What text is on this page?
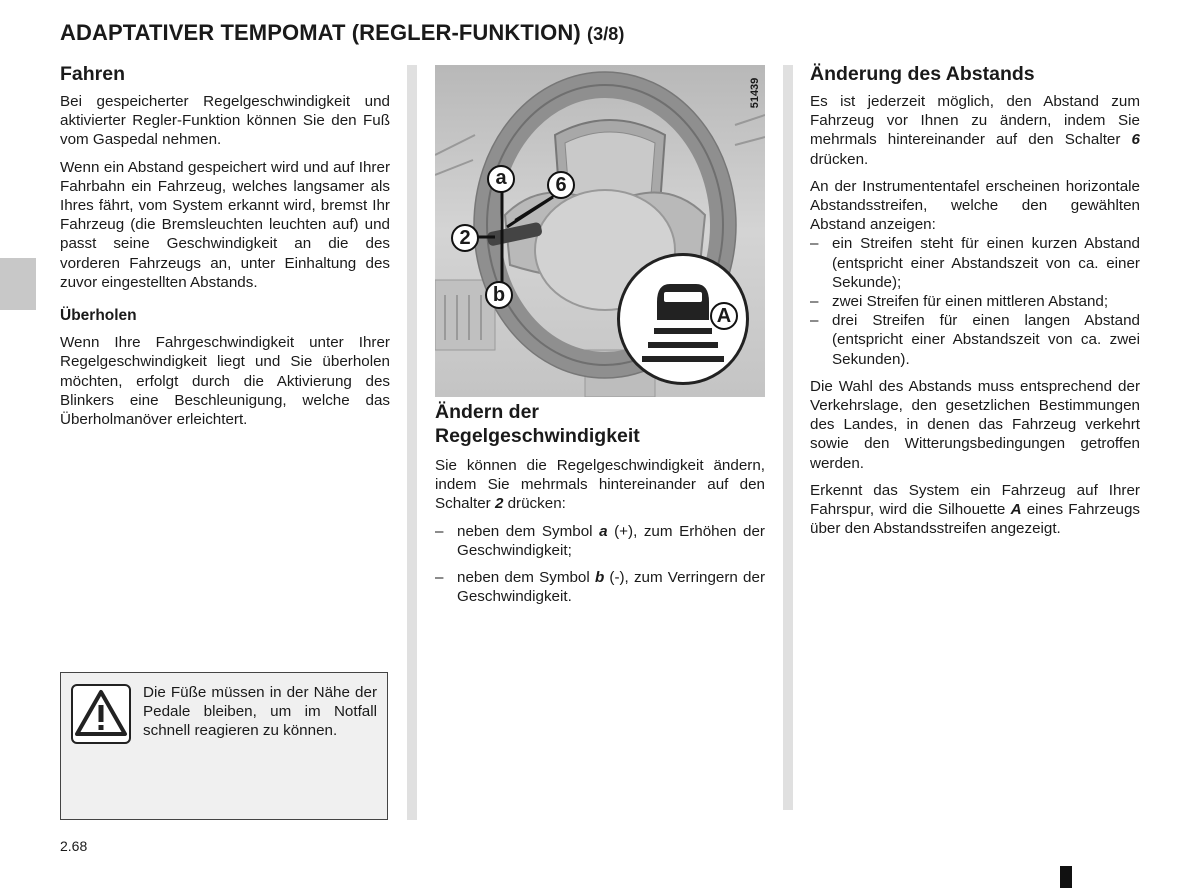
ADAPTATIVER TEMPOMAT (REGLER-FUNKTION) (3/8)
Fahren

Bei gespeicherter Regelgeschwindigkeit und aktivierter Regler-Funktion können Sie den Fuß vom Gaspedal nehmen.

Wenn ein Abstand gespeichert wird und auf Ihrer Fahrbahn ein Fahrzeug, welches langsamer als Ihres fährt, vom System erkannt wird, bremst Ihr Fahrzeug (die Bremsleuchten leuchten auf) und passt seine Geschwindigkeit an die des vorderen Fahrzeugs an, unter Einhaltung des zuvor eingestellten Abstands.

Überholen

Wenn Ihre Fahrgeschwindigkeit unter Ihrer Regelgeschwindigkeit liegt und Sie überholen möchten, erfolgt durch die Aktivierung des Blinkers eine Beschleunigung, welche das Überholmanöver erleichtert.

Die Füße müssen in der Nähe der Pedale bleiben, um im Notfall schnell reagieren zu können.
a	6
2
b
51439
A
Ändern der
Regelgeschwindigkeit

Sie können die Regelgeschwindigkeit ändern, indem Sie mehrmals hintereinander auf den Schalter 2 drücken:

– neben dem Symbol a (+), zum Erhöhen der Geschwindigkeit;
– neben dem Symbol b (-), zum Verringern der Geschwindigkeit.
Änderung des Abstands

Es ist jederzeit möglich, den Abstand zum Fahrzeug vor Ihnen zu ändern, indem Sie mehrmals hintereinander auf den Schalter 6 drücken.

An der Instrumententafel erscheinen horizontale Abstandsstreifen, welche den gewählten Abstand anzeigen:

– ein Streifen steht für einen kurzen Abstand (entspricht einer Abstandszeit von ca. einer Sekunde);
– zwei Streifen für einen mittleren Abstand;
– drei Streifen für einen langen Abstand (entspricht einer Abstandszeit von ca. zwei Sekunden).

Die Wahl des Abstands muss entsprechend der Verkehrslage, den gesetzlichen Bestimmungen des Landes, in denen das Fahrzeug verkehrt sowie den Witterungsbedingungen getroffen werden.

Erkennt das System ein Fahrzeug auf Ihrer Fahrspur, wird die Silhouette A eines Fahrzeugs über den Abstandsstreifen angezeigt.

2.68
